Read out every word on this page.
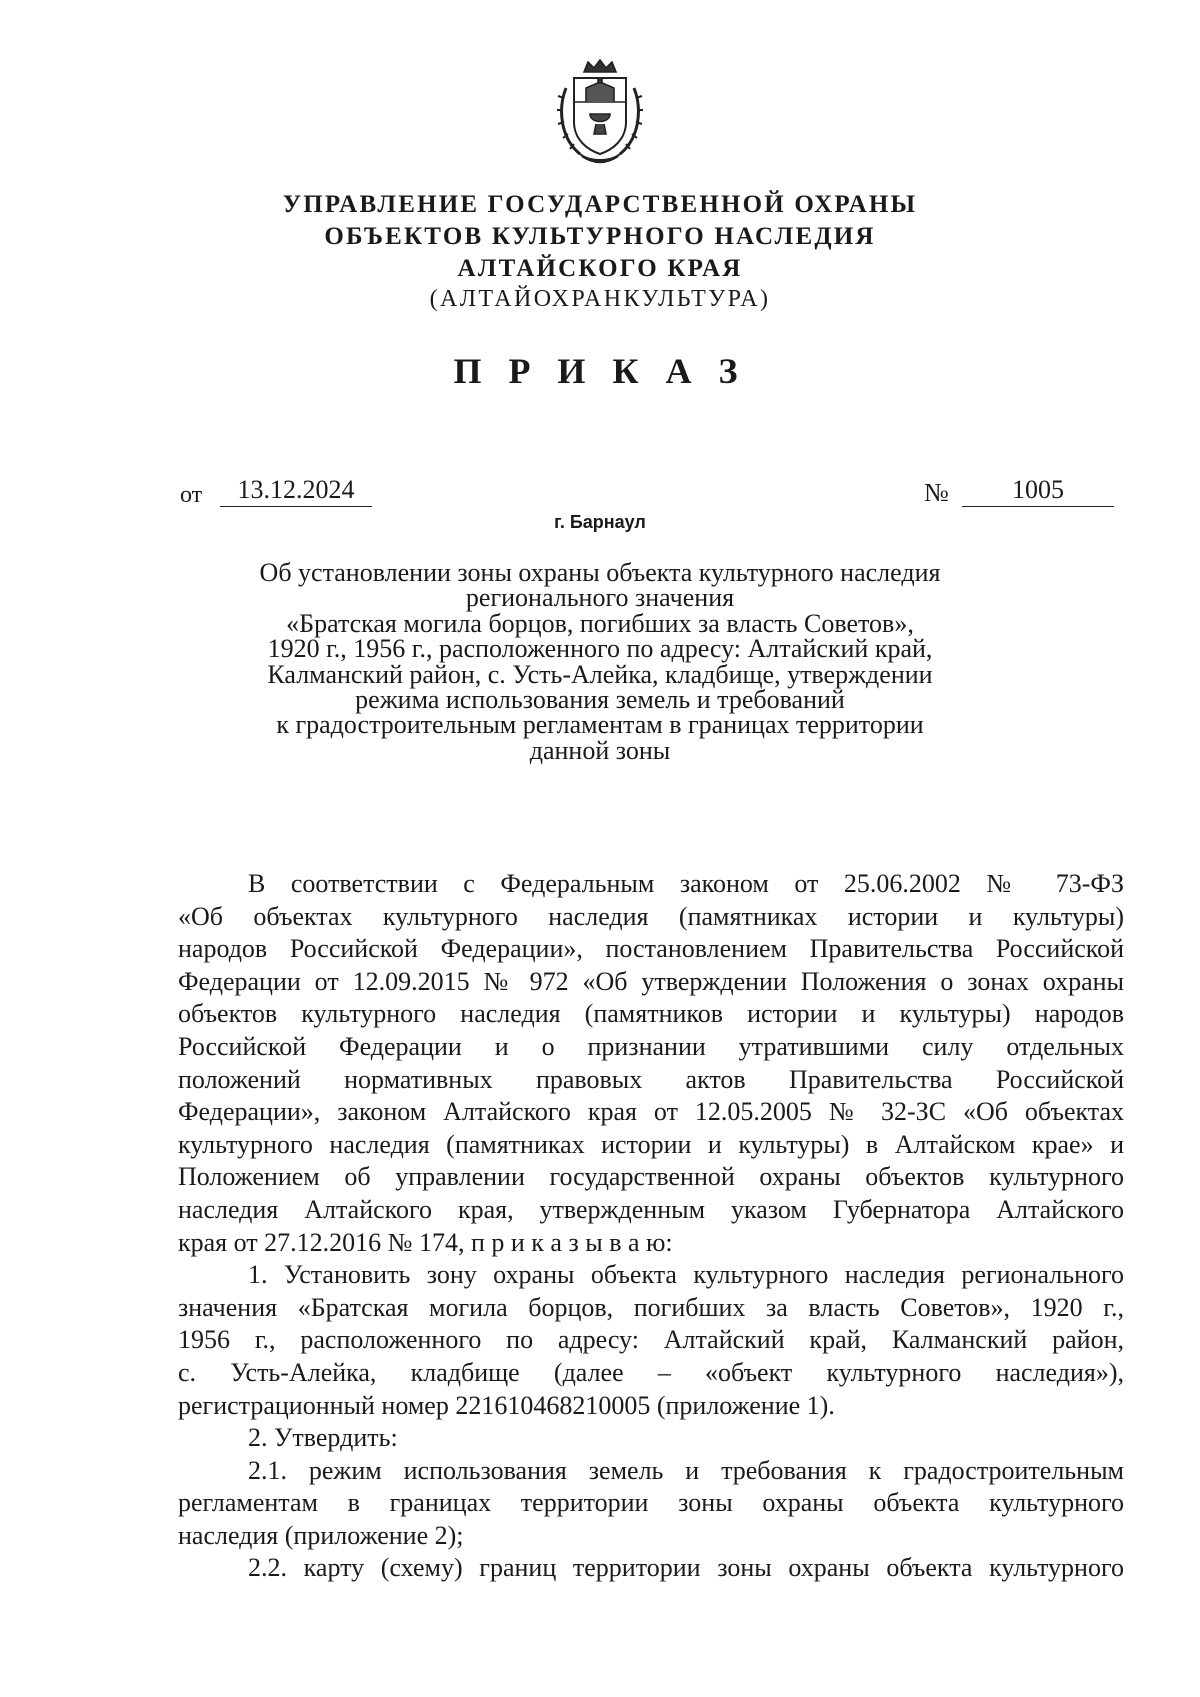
УПРАВЛЕНИЕ ГОСУДАРСТВЕННОЙ ОХРАНЫ
ОБЪЕКТОВ КУЛЬТУРНОГО НАСЛЕДИЯ
АЛТАЙСКОГО КРАЯ
(АЛТАЙОХРАНКУЛЬТУРА)
П Р И К А З
от	13.12.2024	№	1005
г. Барнаул
Об установлении зоны охраны объекта культурного наследия
регионального значения
«Братская могила борцов, погибших за власть Советов»,
1920 г., 1956 г., расположенного по адресу: Алтайский край,
Калманский район, с. Усть-Алейка, кладбище, утверждении
режима использования земель и требований
к градостроительным регламентам в границах территории
данной зоны
В соответствии с Федеральным законом от 25.06.2002 № 73-ФЗ
«Об объектах культурного наследия (памятниках истории и культуры)
народов Российской Федерации», постановлением Правительства Российской
Федерации от 12.09.2015 № 972 «Об утверждении Положения о зонах охраны
объектов культурного наследия (памятников истории и культуры) народов
Российской Федерации и о признании утратившими силу отдельных
положений нормативных правовых актов Правительства Российской
Федерации», законом Алтайского края от 12.05.2005 № 32-ЗС «Об объектах
культурного наследия (памятниках истории и культуры) в Алтайском крае» и
Положением об управлении государственной охраны объектов культурного
наследия Алтайского края, утвержденным указом Губернатора Алтайского
края от 27.12.2016 № 174, п р и к а з ы в а ю:
1. Установить зону охраны объекта культурного наследия регионального
значения «Братская могила борцов, погибших за власть Советов», 1920 г.,
1956 г., расположенного по адресу: Алтайский край, Калманский район,
с. Усть-Алейка, кладбище (далее – «объект культурного наследия»),
регистрационный номер 221610468210005 (приложение 1).
2. Утвердить:
2.1. режим использования земель и требования к градостроительным
регламентам в границах территории зоны охраны объекта культурного
наследия (приложение 2);
2.2. карту (схему) границ территории зоны охраны объекта культурного
